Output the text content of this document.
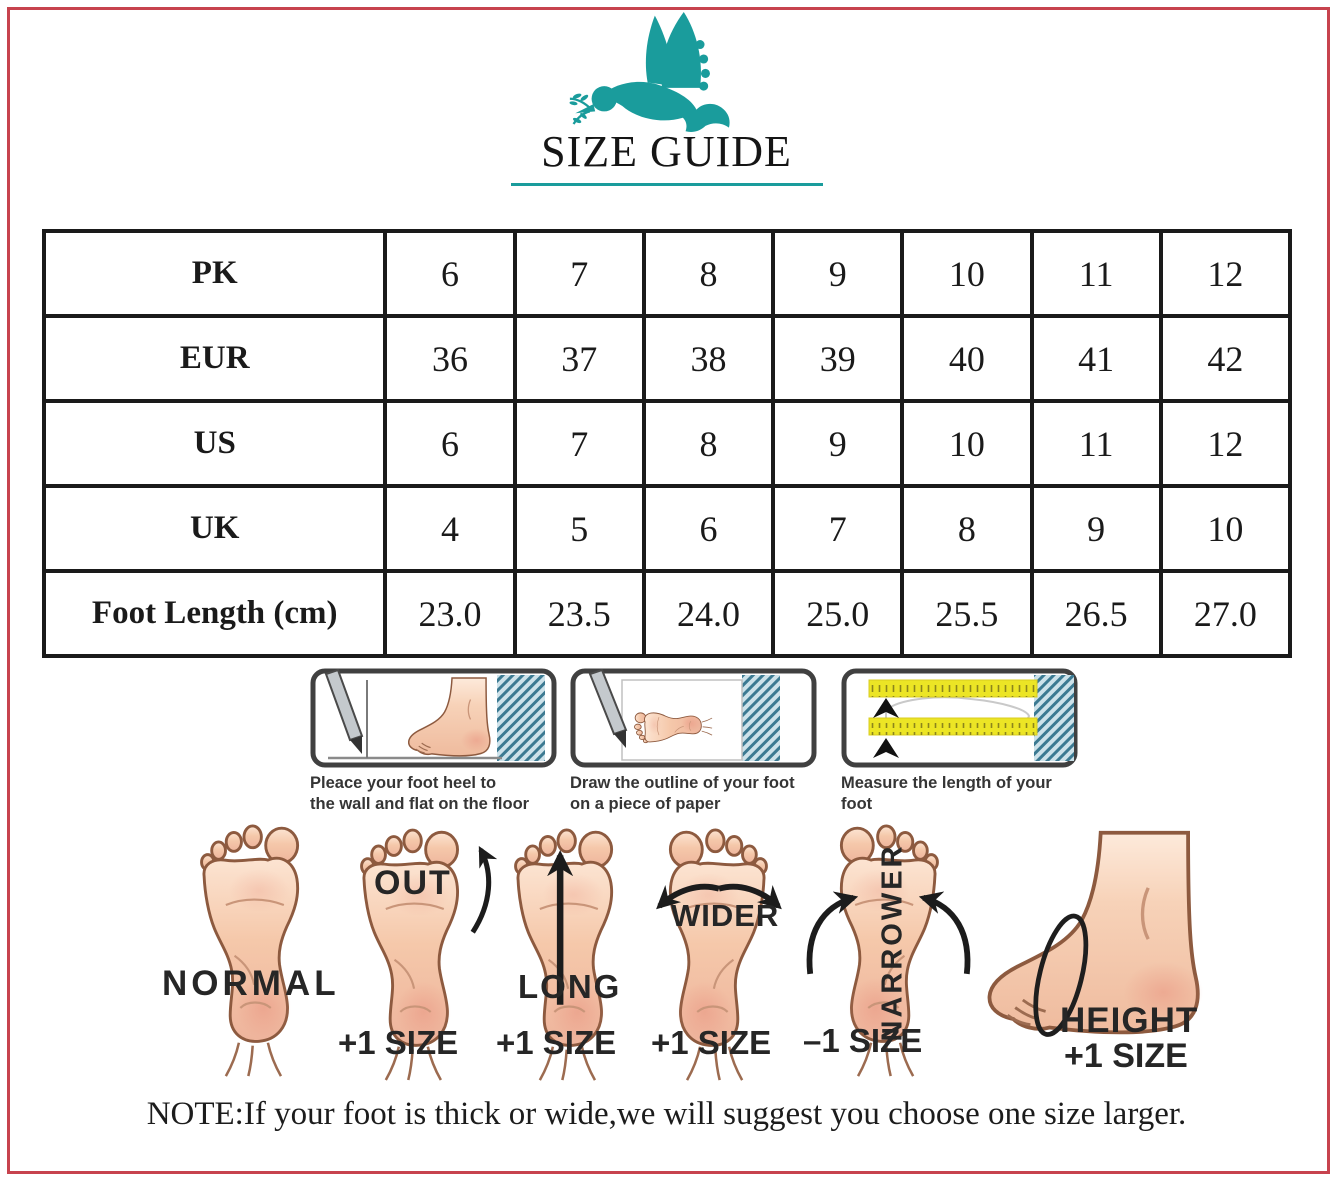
SIZE GUIDE
PK	6	7	8	9	10	11	12
EUR	36	37	38	39	40	41	42
US	6	7	8	9	10	11	12
UK	4	5	6	7	8	9	10
Foot Length (cm)	23.0	23.5	24.0	25.0	25.5	26.5	27.0
Pleace your foot heel to
the wall and flat on the floor
Draw the outline of your foot
on a piece of paper
Measure the length of your
foot
NORMAL
OUT
+1 SIZE
LONG
+1 SIZE
WIDER
+1 SIZE
NARROWER
–1 SIZE
HEIGHT
+1 SIZE

NOTE:If your foot is thick or wide,we will suggest you choose one size larger.
